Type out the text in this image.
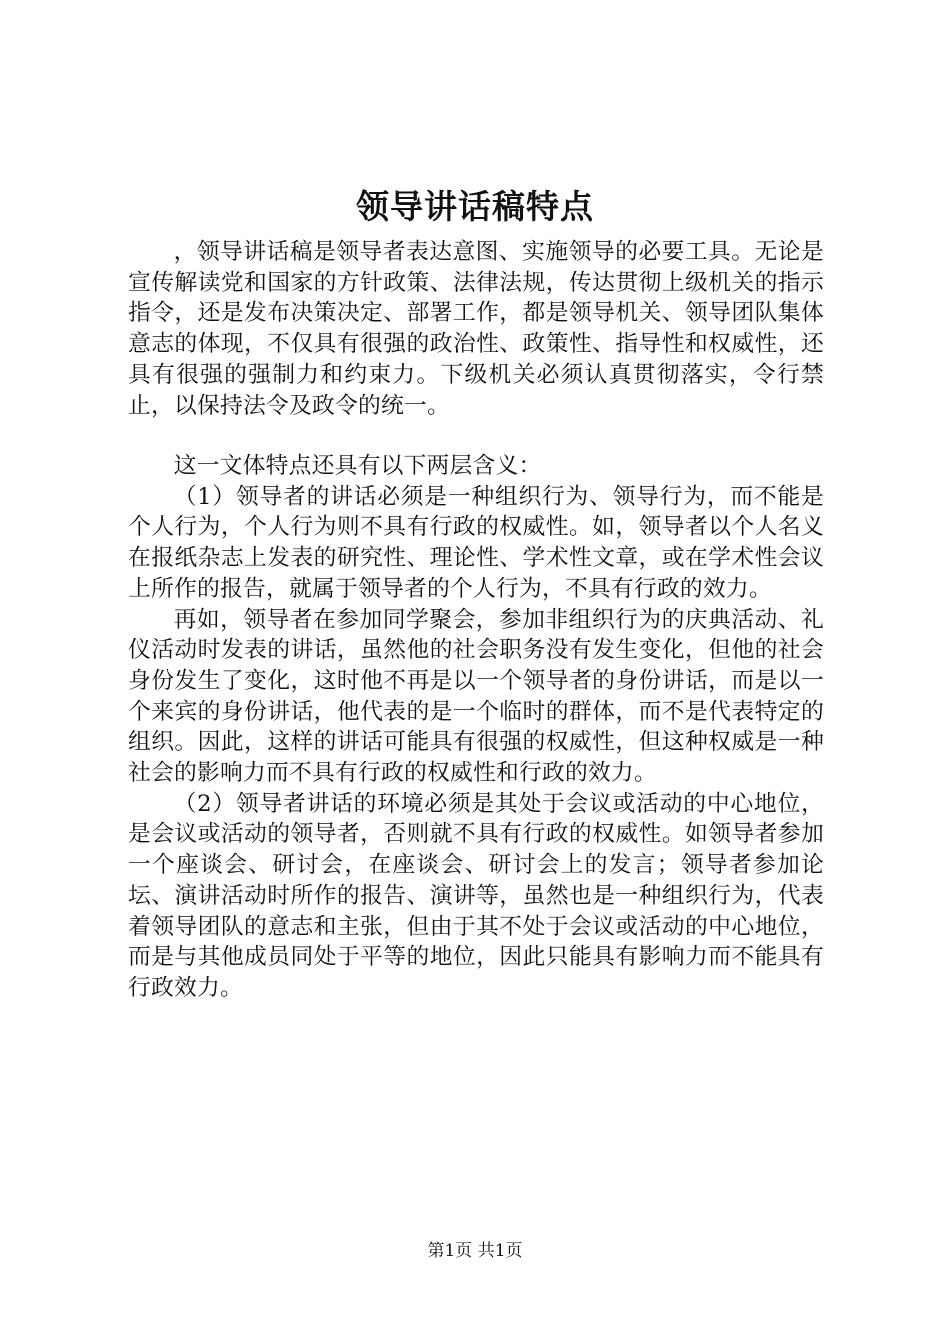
领导讲话稿特点

，领导讲话稿是领导者表达意图、实施领导的必要工具。无论是宣传解读党和国家的方针政策、法律法规，传达贯彻上级机关的指示指令，还是发布决策决定、部署工作，都是领导机关、领导团队集体意志的体现，不仅具有很强的政治性、政策性、指导性和权威性，还具有很强的强制力和约束力。下级机关必须认真贯彻落实，令行禁止，以保持法令及政令的统一。

这一文体特点还具有以下两层含义：

（1）领导者的讲话必须是一种组织行为、领导行为，而不能是个人行为，个人行为则不具有行政的权威性。如，领导者以个人名义在报纸杂志上发表的研究性、理论性、学术性文章，或在学术性会议上所作的报告，就属于领导者的个人行为，不具有行政的效力。

再如，领导者在参加同学聚会，参加非组织行为的庆典活动、礼仪活动时发表的讲话，虽然他的社会职务没有发生变化，但他的社会身份发生了变化，这时他不再是以一个领导者的身份讲话，而是以一个来宾的身份讲话，他代表的是一个临时的群体，而不是代表特定的组织。因此，这样的讲话可能具有很强的权威性，但这种权威是一种社会的影响力而不具有行政的权威性和行政的效力。

（2）领导者讲话的环境必须是其处于会议或活动的中心地位，是会议或活动的领导者，否则就不具有行政的权威性。如领导者参加一个座谈会、研讨会，在座谈会、研讨会上的发言；领导者参加论坛、演讲活动时所作的报告、演讲等，虽然也是一种组织行为，代表着领导团队的意志和主张，但由于其不处于会议或活动的中心地位，而是与其他成员同处于平等的地位，因此只能具有影响力而不能具有行政效力。

第1页 共1页
